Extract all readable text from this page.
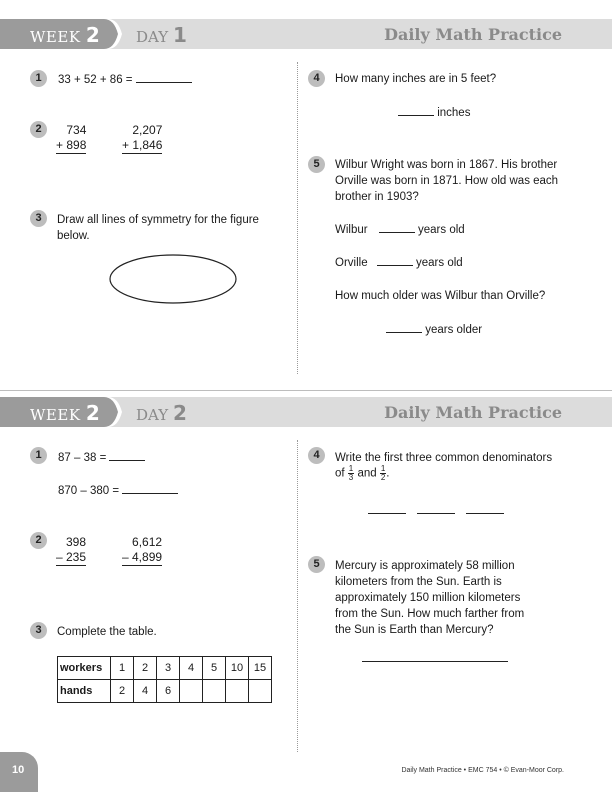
WEEK 2 DAY 1	Daily Math Practice
1	33 + 52 + 86 =
2	734
+ 898
2,207
+ 1,846
3	Draw all lines of symmetry for the figure
below.
4	How many inches are in 5 feet?
inches
5	Wilbur Wright was born in 1867. His brother
Orville was born in 1871. How old was each
brother in 1903?
Wilbur	years old
Orville	years old
How much older was Wilbur than Orville?
years older
WEEK 2 DAY 2	Daily Math Practice
1	87 – 38 =
870 – 380 =
2	398
– 235
6,612
– 4,899
3	Complete the table.
workers	1	2	3	4	5	10	15
hands	2	4	6				
4	Write the first three common denominators
of $\frac{1}{3}$ and $\frac{1}{2}$ .
5	Mercury is approximately 58 million
kilometers from the Sun. Earth is
approximately 150 million kilometers
from the Sun. How much farther from
the Sun is Earth than Mercury?
10	Daily Math Practice • EMC 754 • © Evan-Moor Corp.
